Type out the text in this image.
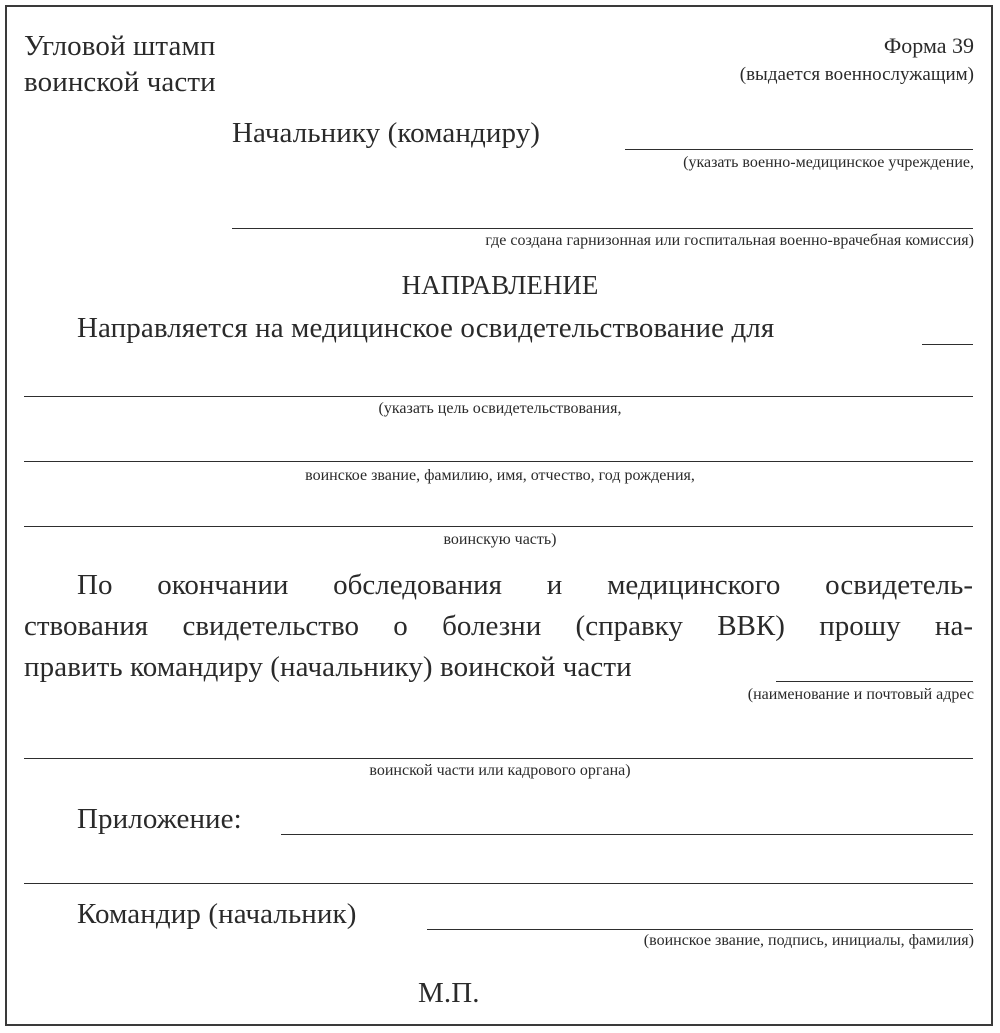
Угловой штамп
воинской части
Форма 39
(выдается военнослужащим)
Начальнику (командиру)
(указать военно-медицинское учреждение,
где создана гарнизонная или госпитальная военно-врачебная комиссия)
НАПРАВЛЕНИЕ
Направляется на медицинское освидетельствование для
(указать цель освидетельствования,
воинское звание, фамилию, имя, отчество, год рождения,
воинскую часть)
По окончании обследования и медицинского освидетель-
ствования свидетельство о болезни (справку ВВК) прошу на-
править командиру (начальнику) воинской части
(наименование и почтовый адрес
воинской части или кадрового органа)
Приложение:
Командир (начальник)
(воинское звание, подпись, инициалы, фамилия)
М.П.
